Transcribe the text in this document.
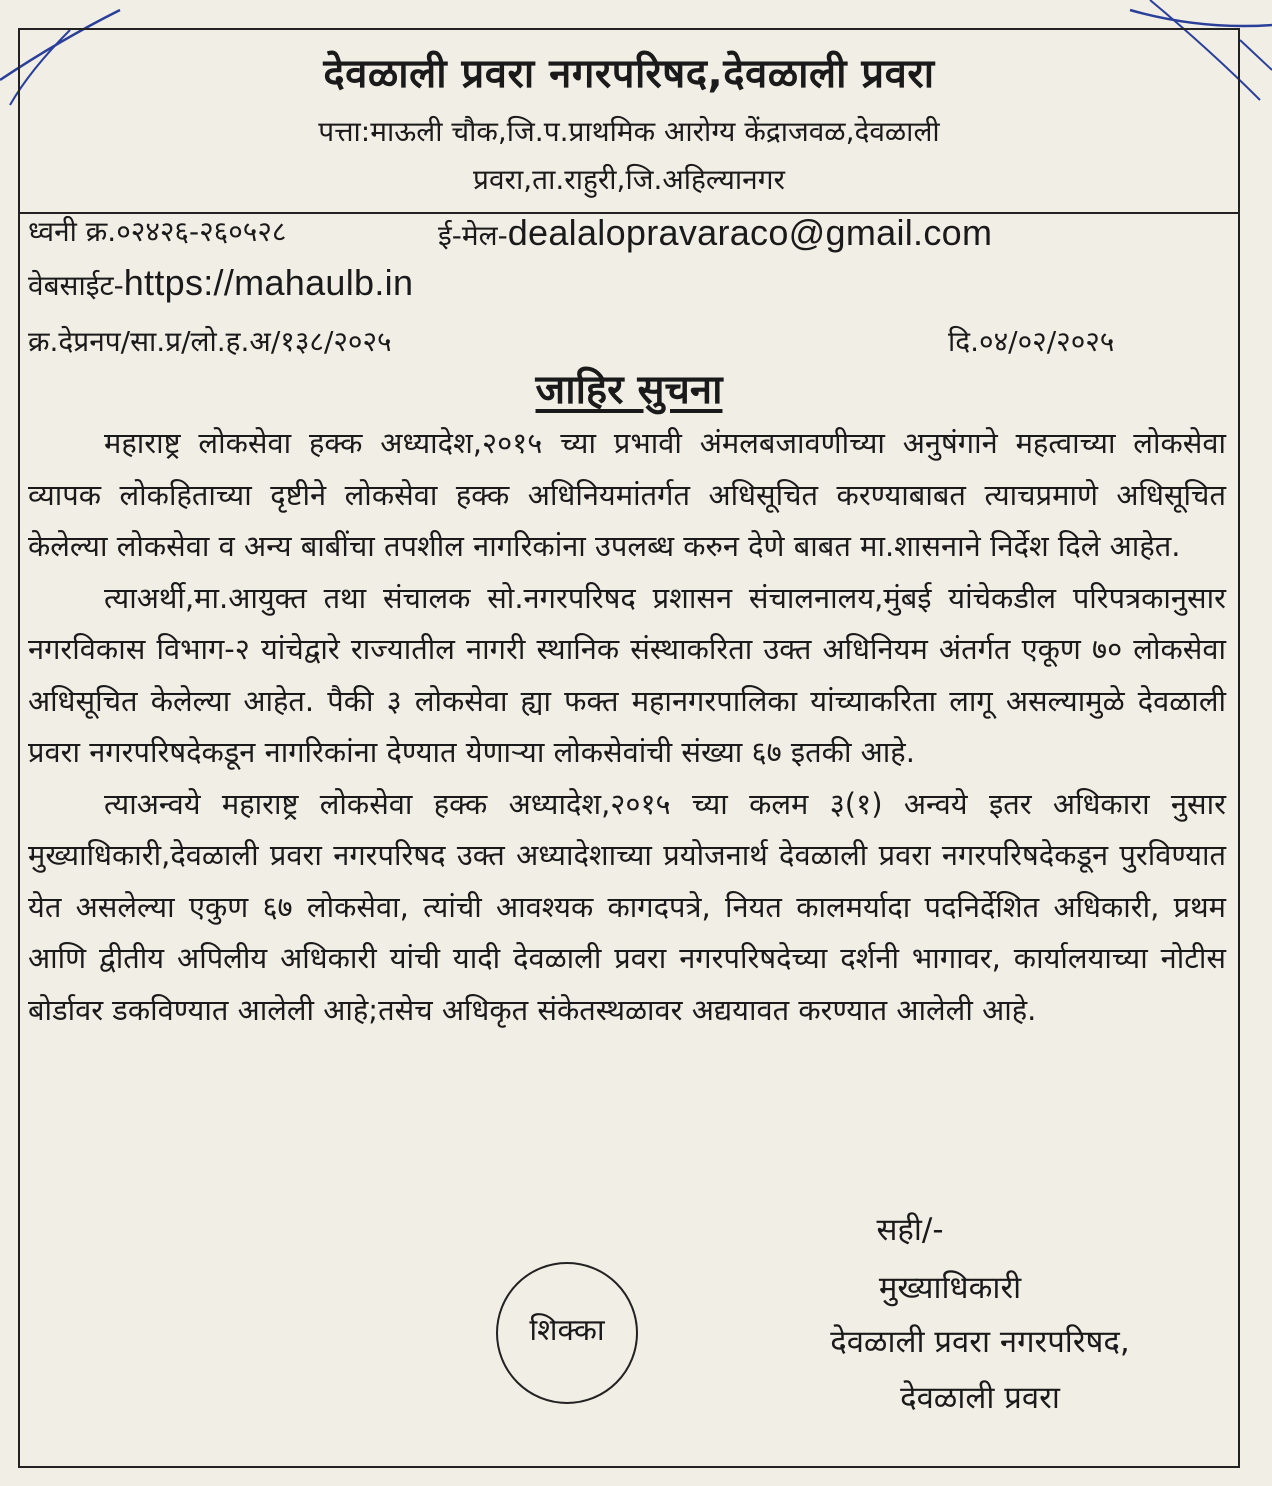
देवळाली प्रवरा नगरपरिषद,देवळाली प्रवरा
पत्ता:माऊली चौक,जि.प.प्राथमिक आरोग्य केंद्राजवळ,देवळाली
प्रवरा,ता.राहुरी,जि.अहिल्यानगर
ध्वनी क्र.०२४२६-२६०५२८	ई-मेल-dealalopravaraco@gmail.com
वेबसाईट-https://mahaulb.in
क्र.देप्रनप/सा.प्र/लो.ह.अ/१३८/२०२५	दि.०४/०२/२०२५
जाहिर सुचना

महाराष्ट्र लोकसेवा हक्क अध्यादेश,२०१५ च्या प्रभावी अंमलबजावणीच्या अनुषंगाने महत्वाच्या लोकसेवा व्यापक लोकहिताच्या दृष्टीने लोकसेवा हक्क अधिनियमांतर्गत अधिसूचित करण्याबाबत त्याचप्रमाणे अधिसूचित केलेल्या लोकसेवा व अन्य बाबींचा तपशील नागरिकांना उपलब्ध करुन देणे बाबत मा.शासनाने निर्देश दिले आहेत.

त्याअर्थी,मा.आयुक्त तथा संचालक सो.नगरपरिषद प्रशासन संचालनालय,मुंबई यांचेकडील परिपत्रकानुसार नगरविकास विभाग-२ यांचेद्वारे राज्यातील नागरी स्थानिक संस्थाकरिता उक्त अधिनियम अंतर्गत एकूण ७० लोकसेवा अधिसूचित केलेल्या आहेत. पैकी ३ लोकसेवा ह्या फक्त महानगरपालिका यांच्याकरिता लागू असल्यामुळे देवळाली प्रवरा नगरपरिषदेकडून नागरिकांना देण्यात येणाऱ्या लोकसेवांची संख्या ६७ इतकी आहे.

त्याअन्वये महाराष्ट्र लोकसेवा हक्क अध्यादेश,२०१५ च्या कलम ३(१) अन्वये इतर अधिकारा नुसार मुख्याधिकारी,देवळाली प्रवरा नगरपरिषद उक्त अध्यादेशाच्या प्रयोजनार्थ देवळाली प्रवरा नगरपरिषदेकडून पुरविण्यात येत असलेल्या एकुण ६७ लोकसेवा, त्यांची आवश्यक कागदपत्रे, नियत कालमर्यादा पदनिर्देशित अधिकारी, प्रथम आणि द्वीतीय अपिलीय अधिकारी यांची यादी देवळाली प्रवरा नगरपरिषदेच्या दर्शनी भागावर, कार्यालयाच्या नोटीस बोर्डावर डकविण्यात आलेली आहे;तसेच अधिकृत संकेतस्थळावर अद्ययावत करण्यात आलेली आहे.

शिक्का
सही/-
मुख्याधिकारी
देवळाली प्रवरा नगरपरिषद,
देवळाली प्रवरा
